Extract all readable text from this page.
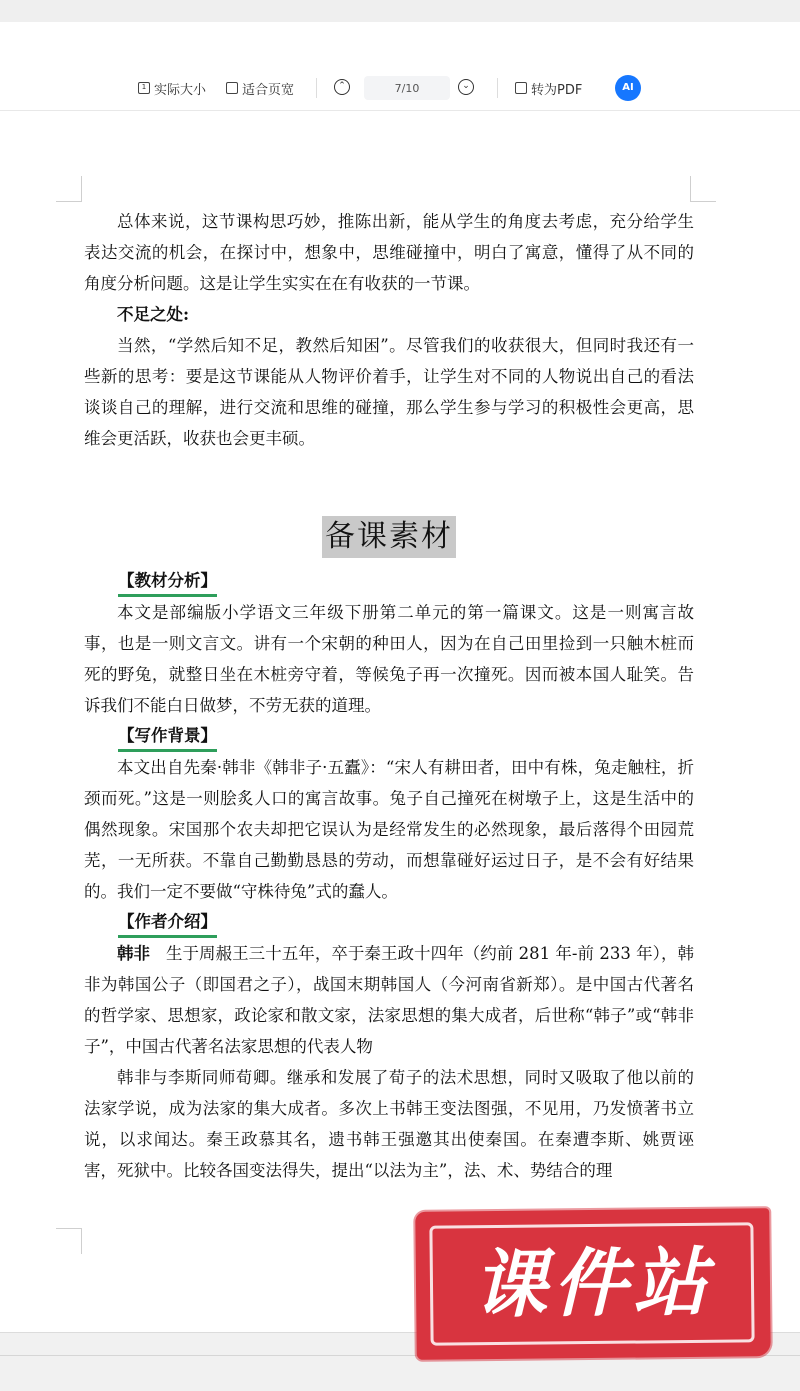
1 实际大小	适合页宽	⌃
7/10	⌄	转为PDF	AI

总体来说，这节课构思巧妙，推陈出新，能从学生的角度去考虑，充分给学生表达交流的机会，在探讨中，想象中，思维碰撞中，明白了寓意，懂得了从不同的角度分析问题。这是让学生实实在在有收获的一节课。

不足之处:

当然，“学然后知不足，教然后知困”。尽管我们的收获很大，但同时我还有一些新的思考：要是这节课能从人物评价着手，让学生对不同的人物说出自己的看法谈谈自己的理解，进行交流和思维的碰撞，那么学生参与学习的积极性会更高，思维会更活跃，收获也会更丰硕。

备课素材
【教材分析】

本文是部编版小学语文三年级下册第二单元的第一篇课文。这是一则寓言故事，也是一则文言文。讲有一个宋朝的种田人，因为在自己田里捡到一只触木桩而死的野兔，就整日坐在木桩旁守着，等候兔子再一次撞死。因而被本国人耻笑。告诉我们不能白日做梦，不劳无获的道理。

【写作背景】

本文出自先秦·韩非《韩非子·五蠹》：“宋人有耕田者，田中有株，兔走触柱，折颈而死。”这是一则脍炙人口的寓言故事。兔子自己撞死在树墩子上，这是生活中的偶然现象。宋国那个农夫却把它误认为是经常发生的必然现象，最后落得个田园荒芜，一无所获。不靠自己勤勤恳恳的劳动，而想靠碰好运过日子，是不会有好结果的。我们一定不要做“守株待兔”式的蠢人。

【作者介绍】

韩非 生于周赧王三十五年，卒于秦王政十四年（约前 281 年-前 233 年），韩非为韩国公子（即国君之子），战国末期韩国人（今河南省新郑）。是中国古代著名的哲学家、思想家，政论家和散文家，法家思想的集大成者，后世称“韩子”或“韩非子”，中国古代著名法家思想的代表人物

韩非与李斯同师荀卿。继承和发展了荀子的法术思想，同时又吸取了他以前的法家学说，成为法家的集大成者。多次上书韩王变法图强，不见用，乃发愤著书立说，以求闻达。秦王政慕其名，遗书韩王强邀其出使秦国。在秦遭李斯、姚贾诬害，死狱中。比较各国变法得失，提出“以法为主”，法、术、势结合的理

课件站
